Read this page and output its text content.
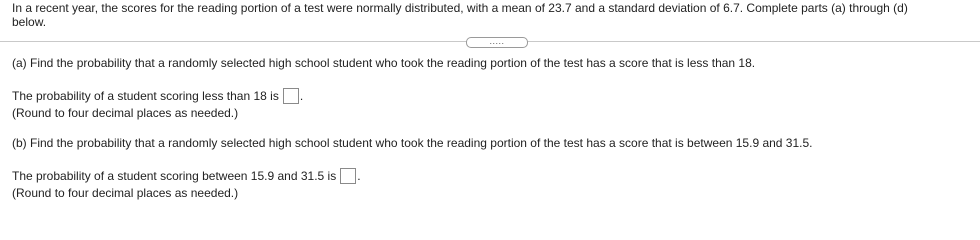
In a recent year, the scores for the reading portion of a test were normally distributed, with a mean of 23.7 and a standard deviation of 6.7. Complete parts (a) through (d)
below.
.....
(a) Find the probability that a randomly selected high school student who took the reading portion of the test has a score that is less than 18.
The probability of a student scoring less than 18 is .
(Round to four decimal places as needed.)
(b) Find the probability that a randomly selected high school student who took the reading portion of the test has a score that is between 15.9 and 31.5.
The probability of a student scoring between 15.9 and 31.5 is .
(Round to four decimal places as needed.)
